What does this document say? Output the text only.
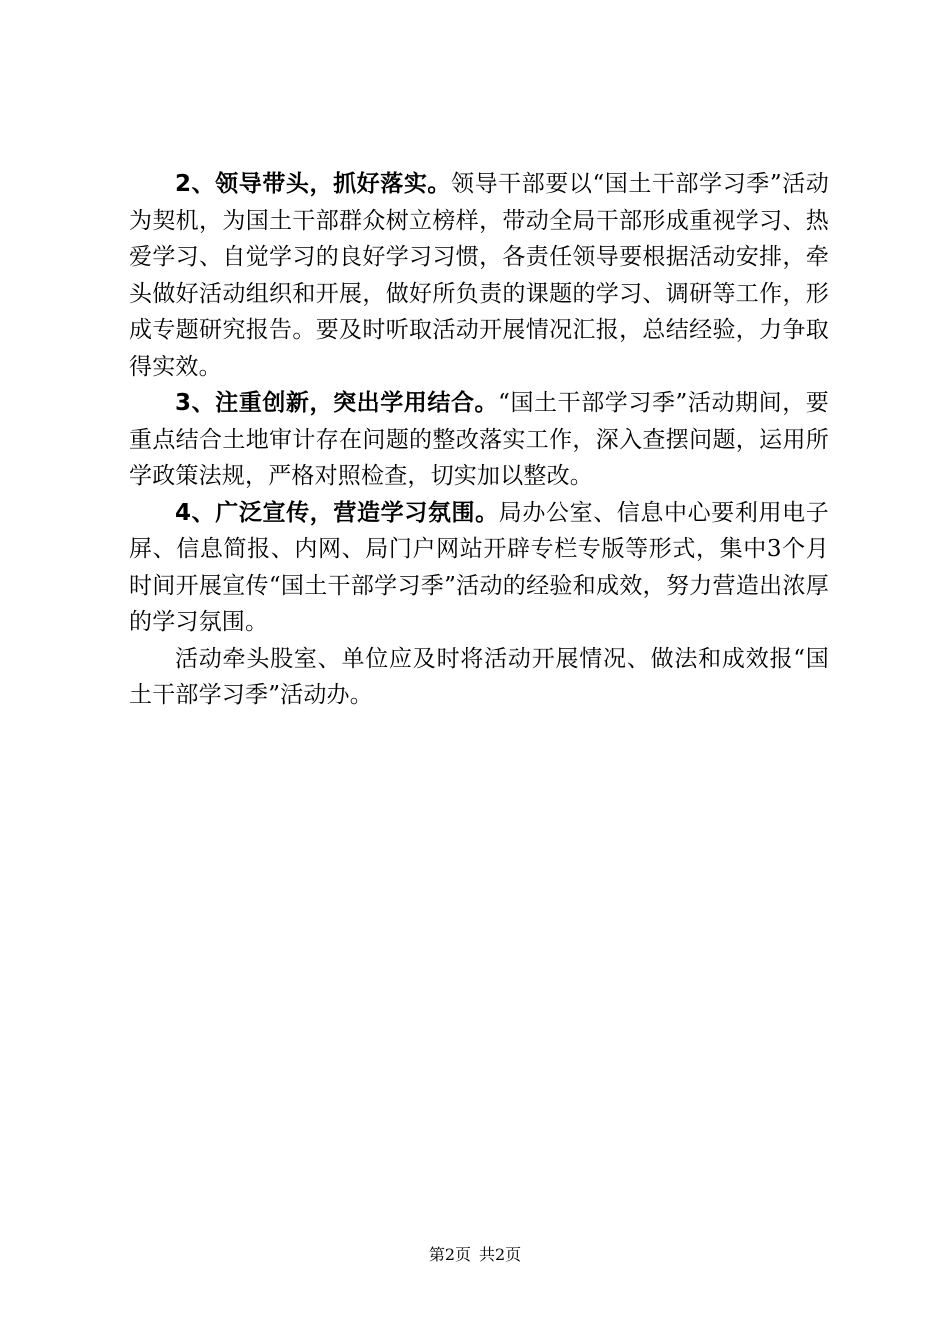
2、领导带头，抓好落实。领导干部要以“国土干部学习季”活动为契机，为国土干部群众树立榜样，带动全局干部形成重视学习、热爱学习、自觉学习的良好学习习惯，各责任领导要根据活动安排，牵头做好活动组织和开展，做好所负责的课题的学习、调研等工作，形成专题研究报告。要及时听取活动开展情况汇报，总结经验，力争取得实效。

3、注重创新，突出学用结合。“国土干部学习季”活动期间，要重点结合土地审计存在问题的整改落实工作，深入查摆问题，运用所学政策法规，严格对照检查，切实加以整改。

4、广泛宣传，营造学习氛围。局办公室、信息中心要利用电子屏、信息简报、内网、局门户网站开辟专栏专版等形式，集中3个月时间开展宣传“国土干部学习季”活动的经验和成效，努力营造出浓厚的学习氛围。

活动牵头股室、单位应及时将活动开展情况、做法和成效报“国土干部学习季”活动办。

第2页 共2页
